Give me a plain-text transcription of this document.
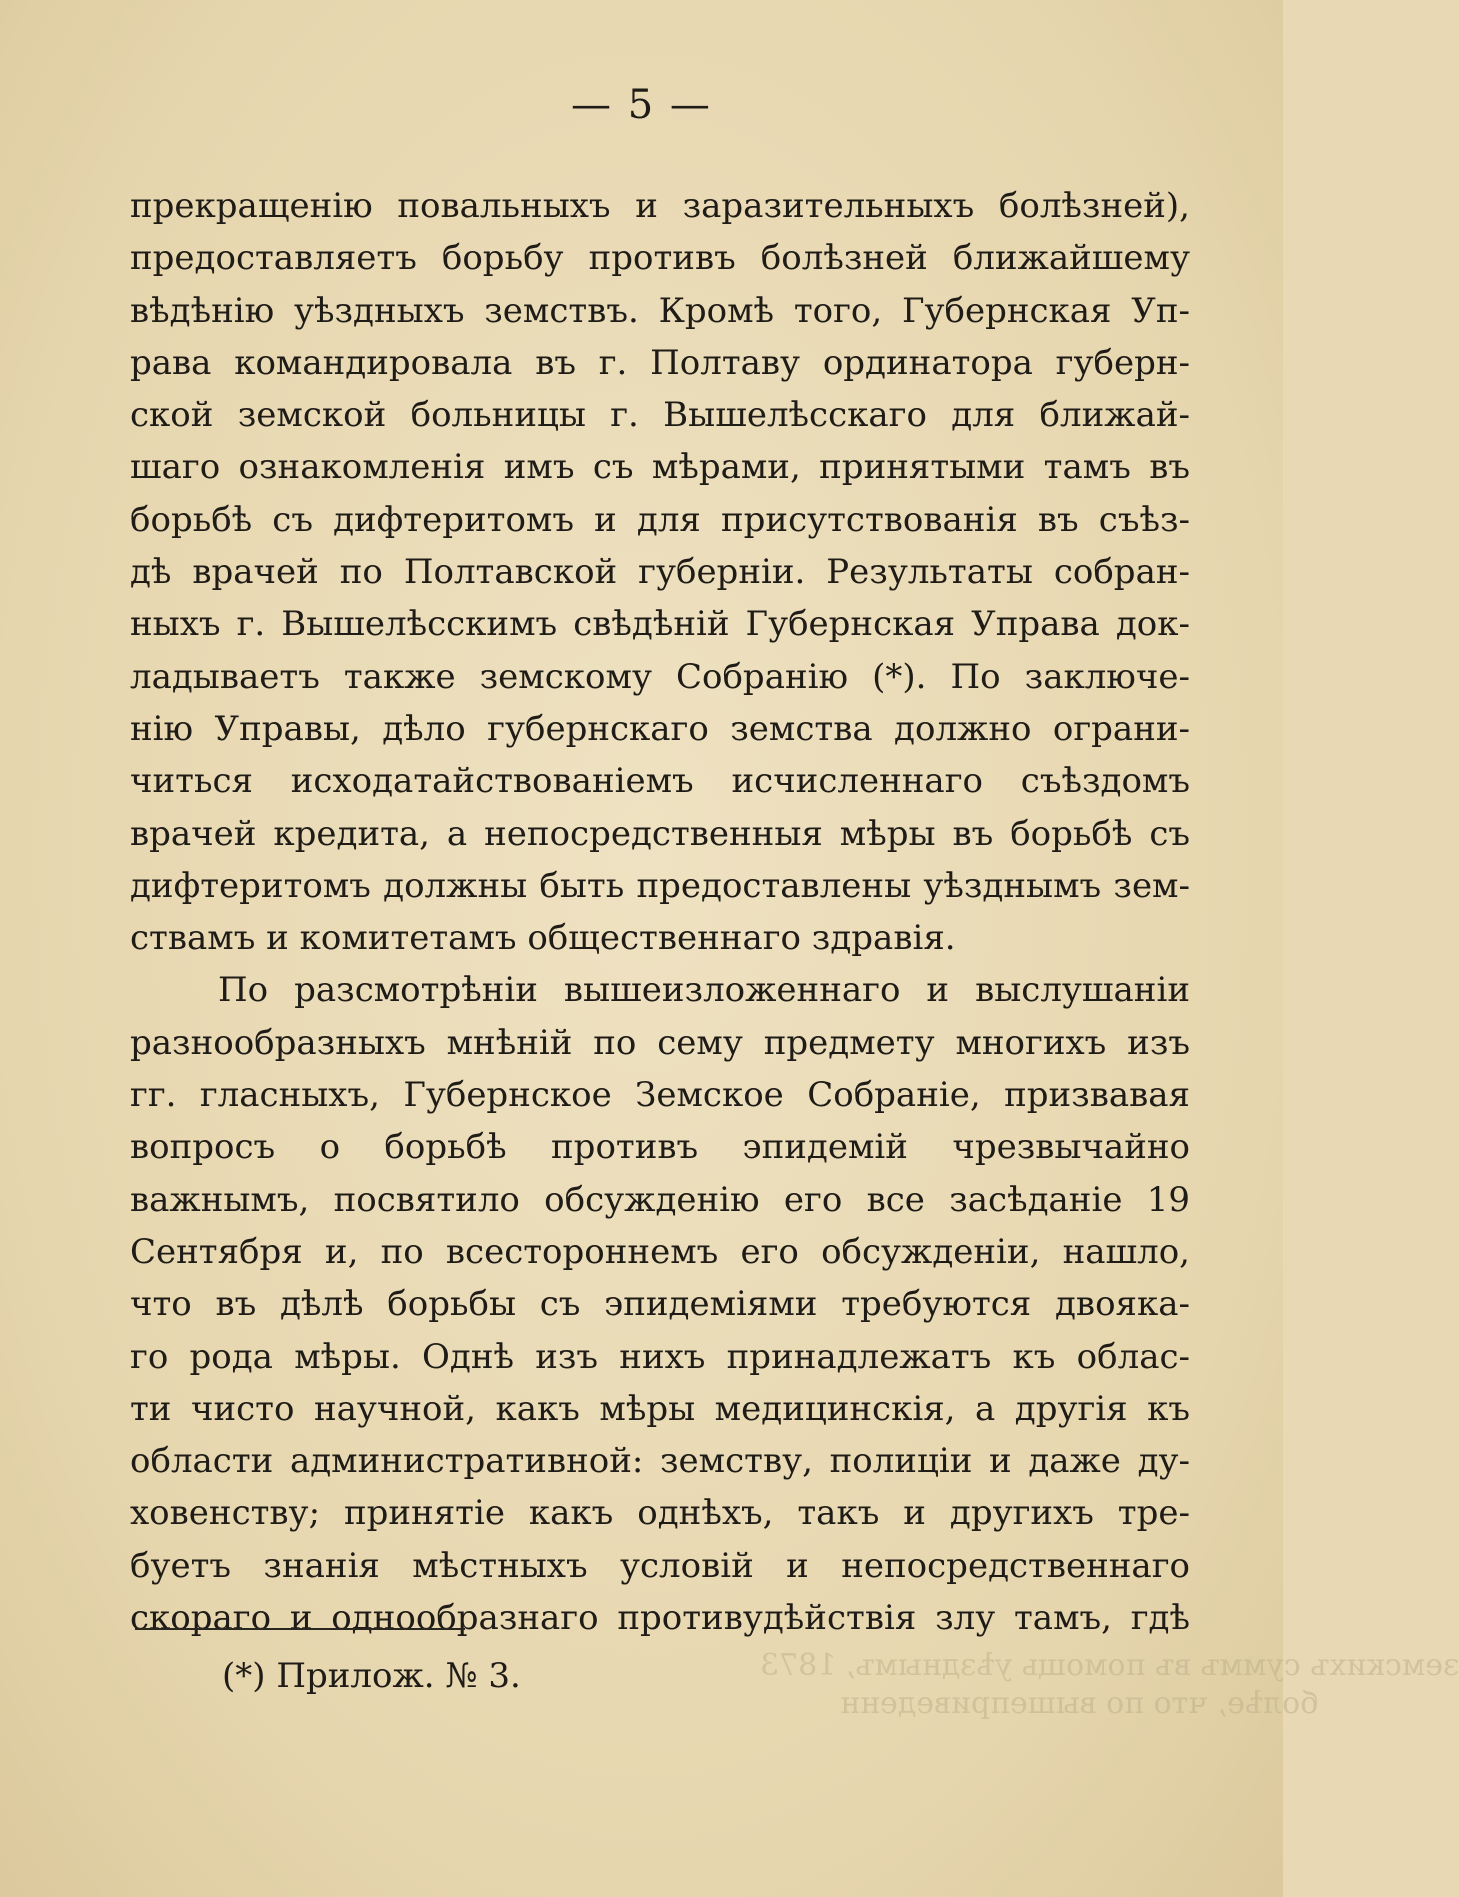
земскихъ суммъ въ помощь уѣзднымъ, 1873
болѣе, что по вышеприведенн
— 5 —
прекращенію повальныхъ и заразительныхъ болѣзней),
предоставляетъ борьбу противъ болѣзней ближайшему
вѣдѣнію уѣздныхъ земствъ. Кромѣ того, Губернская Уп-
рава командировала въ г. Полтаву ординатора губерн-
ской земской больницы г. Вышелѣсскаго для ближай-
шаго ознакомленія имъ съ мѣрами, принятыми тамъ въ
борьбѣ съ дифтеритомъ и для присутствованія въ съѣз-
дѣ врачей по Полтавской губерніи. Результаты собран-
ныхъ г. Вышелѣсскимъ свѣдѣній Губернская Управа док-
ладываетъ также земскому Собранію (*). По заключе-
нію Управы, дѣло губернскаго земства должно ограни-
читься исходатайствованіемъ исчисленнаго съѣздомъ
врачей кредита, а непосредственныя мѣры въ борьбѣ съ
дифтеритомъ должны быть предоставлены уѣзднымъ зем-
ствамъ и комитетамъ общественнаго здравія.
По разсмотрѣніи вышеизложеннаго и выслушаніи
разнообразныхъ мнѣній по сему предмету многихъ изъ
гг. гласныхъ, Губернское Земское Собраніе, призвавая
вопросъ о борьбѣ противъ эпидемій чрезвычайно
важнымъ, посвятило обсужденію его все засѣданіе 19
Сентября и, по всестороннемъ его обсужденіи, нашло,
что въ дѣлѣ борьбы съ эпидеміями требуются двояка-
го рода мѣры. Однѣ изъ нихъ принадлежатъ къ облас-
ти чисто научной, какъ мѣры медицинскія, а другія къ
области административной: земству, полиціи и даже ду-
ховенству; принятіе какъ однѣхъ, такъ и другихъ тре-
буетъ знанія мѣстныхъ условій и непосредственнаго
скораго и однообразнаго противудѣйствія злу тамъ, гдѣ
(*) Прилож. № 3.
